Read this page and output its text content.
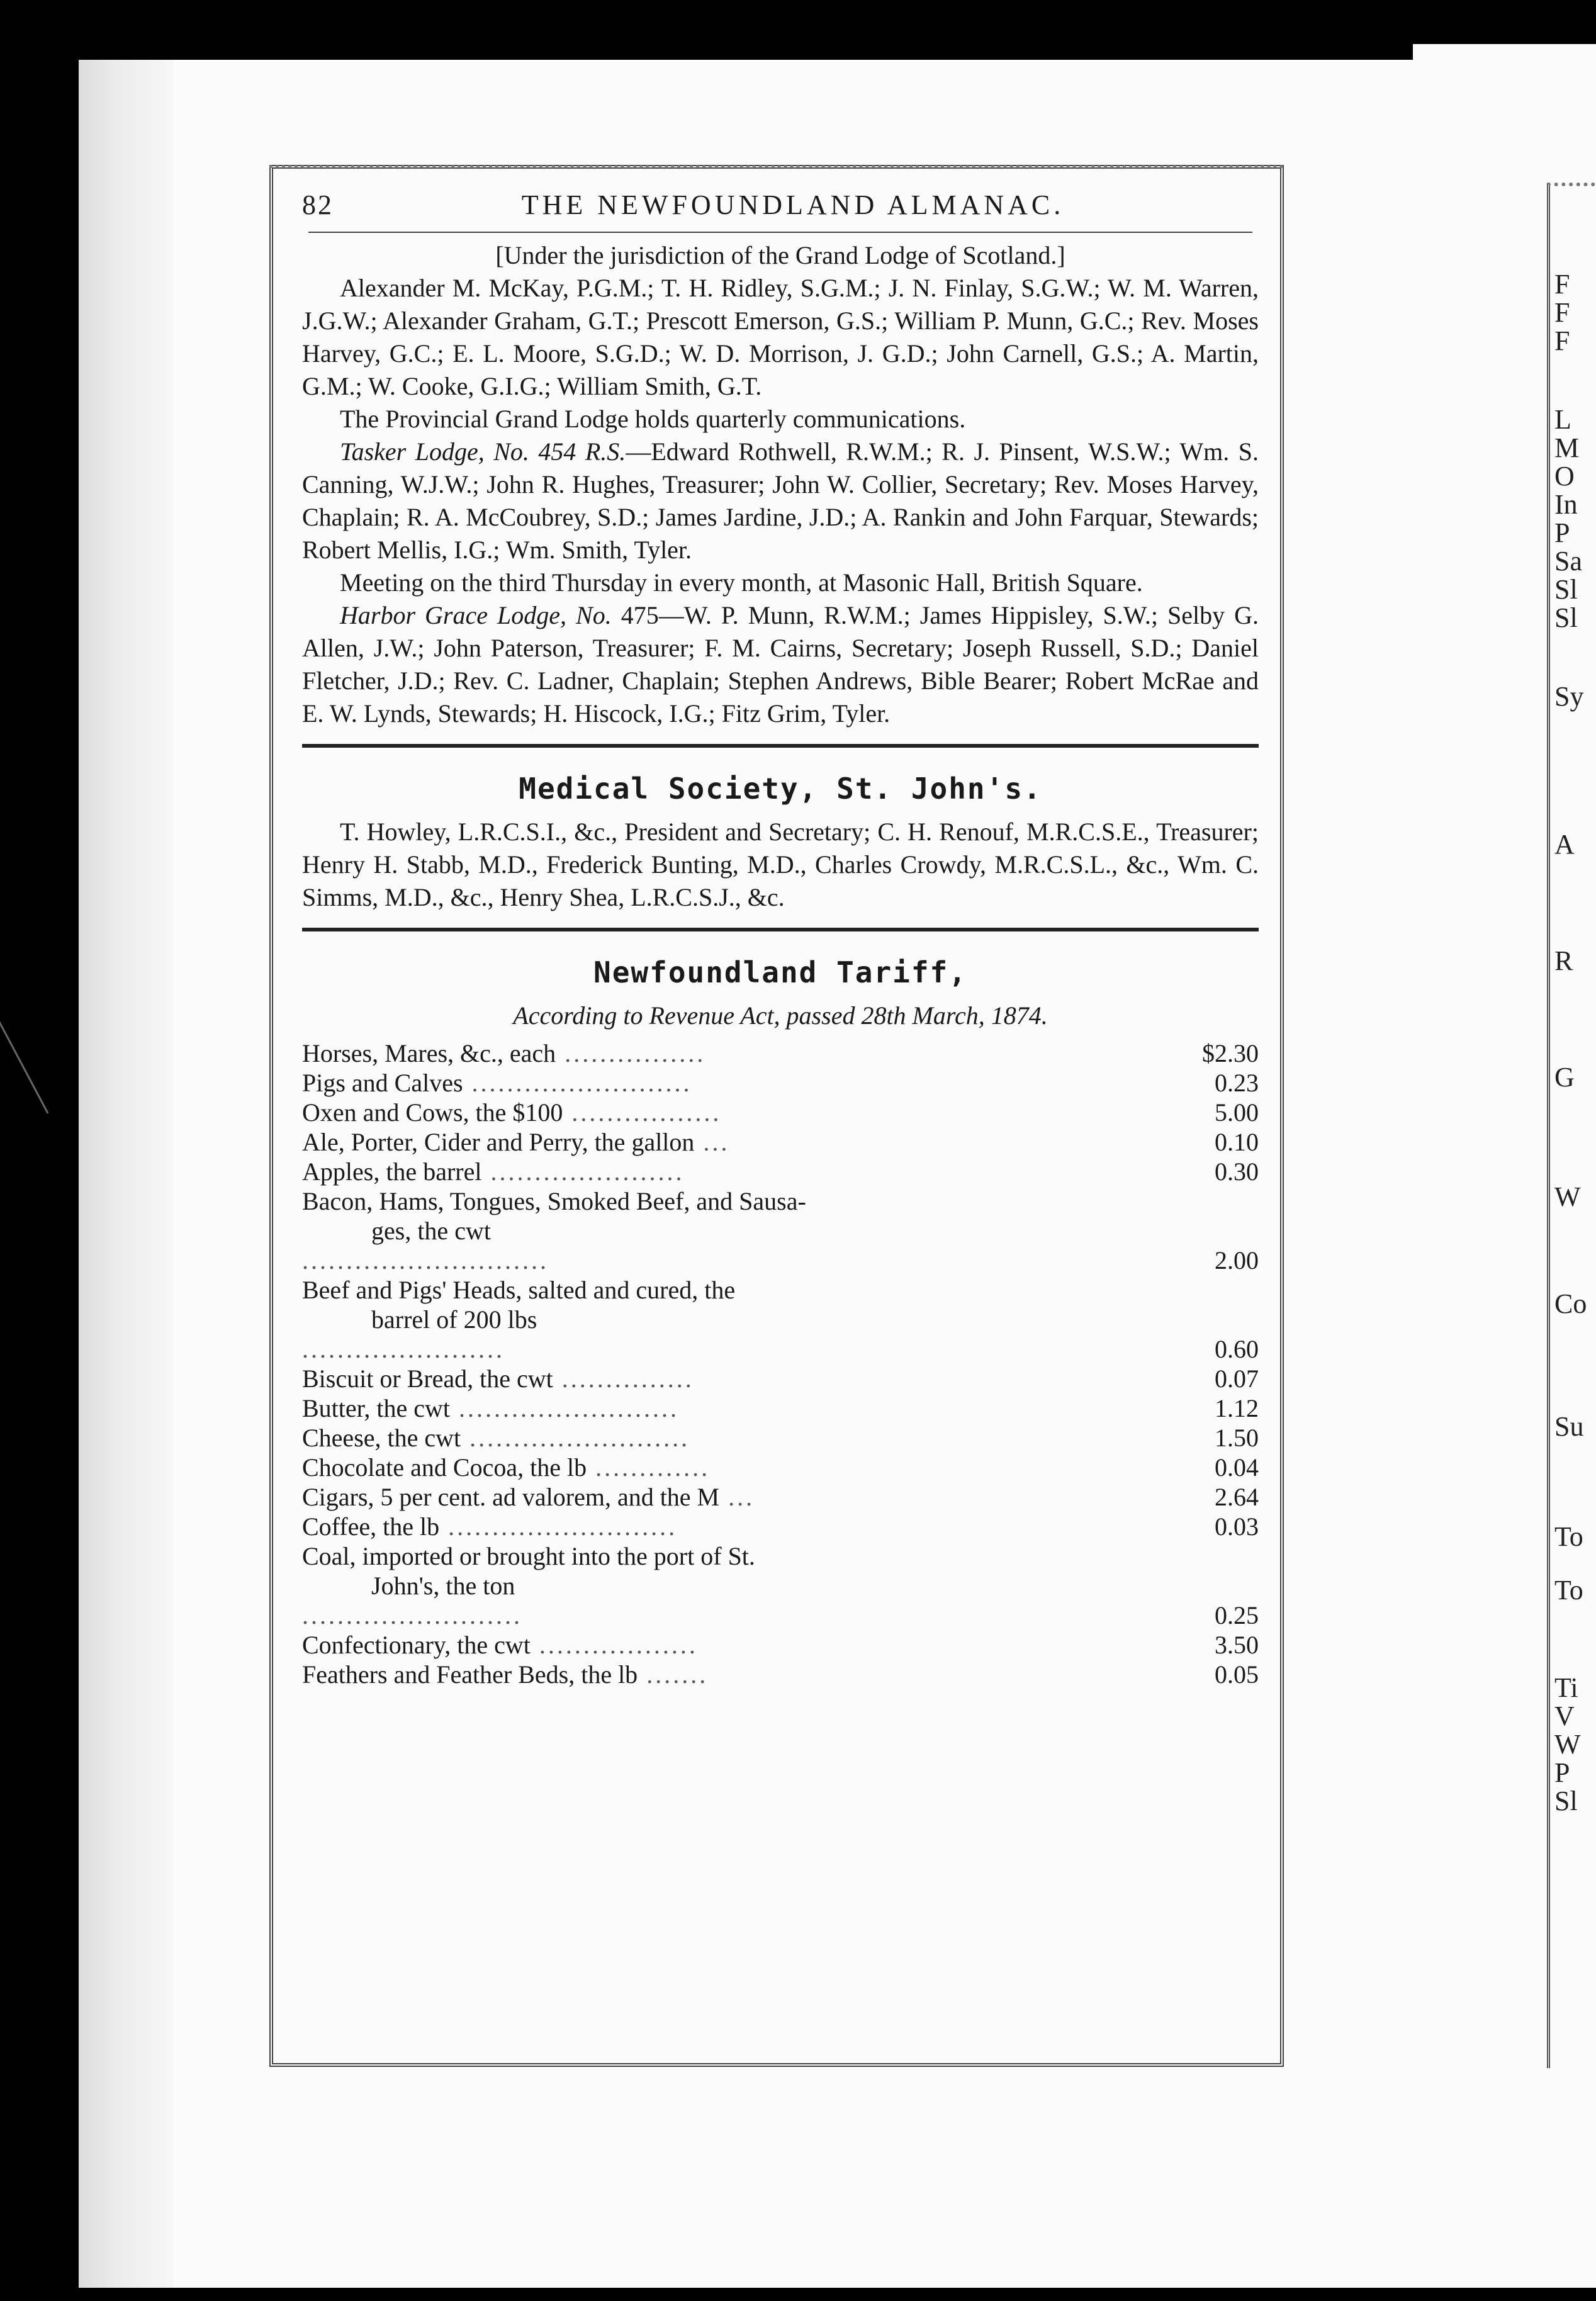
F
F
F
L
M
O
In
P
Sa
Sl
Sl
Sy
A
R
G
W
Co
Su
To
To
Ti
V
W
P
Sl
82	THE NEWFOUNDLAND ALMANAC.

[Under the jurisdiction of the Grand Lodge of Scotland.]

Alexander M. McKay, P.G.M.; T. H. Ridley, S.G.M.; J. N. Finlay, S.G.W.; W. M. Warren, J.G.W.; Alexander Graham, G.T.; Prescott Emerson, G.S.; William P. Munn, G.C.; Rev. Moses Harvey, G.C.; E. L. Moore, S.G.D.; W. D. Morrison, J. G.D.; John Carnell, G.S.; A. Martin, G.M.; W. Cooke, G.I.G.; William Smith, G.T.

The Provincial Grand Lodge holds quarterly communications.

Tasker Lodge, No. 454 R.S.—Edward Rothwell, R.W.M.; R. J. Pinsent, W.S.W.; Wm. S. Canning, W.J.W.; John R. Hughes, Treasurer; John W. Collier, Secretary; Rev. Moses Harvey, Chaplain; R. A. McCoubrey, S.D.; James Jardine, J.D.; A. Rankin and John Farquar, Stewards; Robert Mellis, I.G.; Wm. Smith, Tyler.

Meeting on the third Thursday in every month, at Masonic Hall, British Square.

Harbor Grace Lodge, No. 475—W. P. Munn, R.W.M.; James Hippisley, S.W.; Selby G. Allen, J.W.; John Paterson, Treasurer; F. M. Cairns, Secretary; Joseph Russell, S.D.; Daniel Fletcher, J.D.; Rev. C. Ladner, Chaplain; Stephen Andrews, Bible Bearer; Robert McRae and E. W. Lynds, Stewards; H. Hiscock, I.G.; Fitz Grim, Tyler.

Medical Society, St. John's.

T. Howley, L.R.C.S.I., &c., President and Secretary; C. H. Renouf, M.R.C.S.E., Treasurer; Henry H. Stabb, M.D., Frederick Bunting, M.D., Charles Crowdy, M.R.C.S.L., &c., Wm. C. Simms, M.D., &c., Henry Shea, L.R.C.S.J., &c.

Newfoundland Tariff,
According to Revenue Act, passed 28th March, 1874.
Horses, Mares, &c., each ................	$2.30
Pigs and Calves .........................	0.23
Oxen and Cows, the $100 .................	5.00
Ale, Porter, Cider and Perry, the gallon ...	0.10
Apples, the barrel ......................	0.30
Bacon, Hams, Tongues, Smoked Beef, and Sausa-
ges, the cwt
............................	2.00
Beef and Pigs' Heads, salted and cured, the
barrel of 200 lbs
.......................	0.60
Biscuit or Bread, the cwt ...............	0.07
Butter, the cwt .........................	1.12
Cheese, the cwt .........................	1.50
Chocolate and Cocoa, the lb .............	0.04
Cigars, 5 per cent. ad valorem, and the M ...	2.64
Coffee, the lb ..........................	0.03
Coal, imported or brought into the port of St.
John's, the ton
.........................	0.25
Confectionary, the cwt ..................	3.50
Feathers and Feather Beds, the lb .......	0.05
